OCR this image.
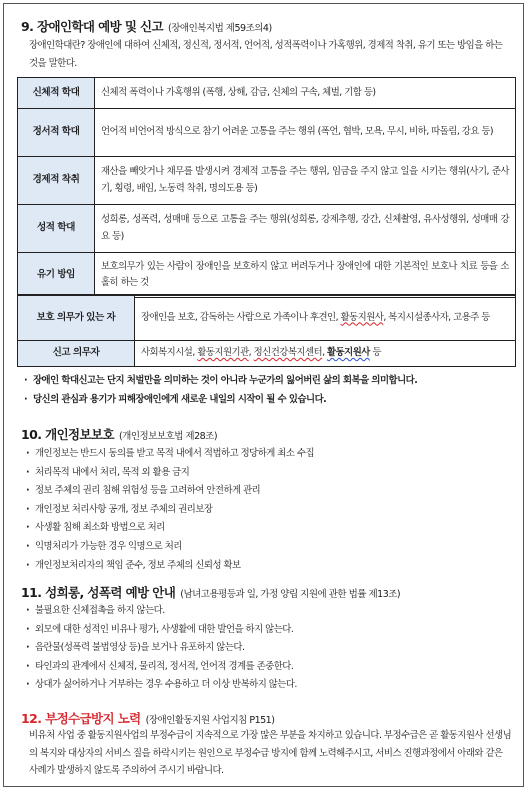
9. 장애인학대 예방 및 신고 (장애인복지법 제59조의4)
장애인학대란? 장애인에 대하여 신체적, 정신적, 정서적, 언어적, 성적폭력이나 가혹행위, 경제적 착취, 유기 또는 방임을 하는 것을 말한다.
신체적 학대	신체적 폭력이나 가혹행위 (폭행, 상해, 감금, 신체의 구속, 체벌, 기합 등)
정서적 학대	언어적 비언어적 방식으로 참기 어려운 고통을 주는 행위 (폭언, 협박, 모욕, 무시, 비하, 따돌림, 강요 등)
경제적 착취	재산을 빼앗거나 채무를 발생시켜 경제적 고통을 주는 행위, 임금을 주지 않고 일을 시키는 행위(사기, 준사기, 횡령, 배임, 노동력 착취, 명의도용 등)
성적 학대	성희롱, 성폭력, 성매매 등으로 고통을 주는 행위(성희롱, 강제추행, 강간, 신체촬영, 유사성행위, 성매매 강요 등)
유기 방임	보호의무가 있는 사람이 장애인을 보호하지 않고 버려두거나 장애인에 대한 기본적인 보호나 치료 등을 소홀히 하는 것
보호 의무가 있는 자	장애인을 보호, 감독하는 사람으로 가족이나 후견인, 활동지원사, 복지시설종사자, 고용주 등
신고 의무자	사회복지시설, 활동지원기관, 정신건강복지센터, 활동지원사 등
· 장애인 학대신고는 단지 처벌만을 의미하는 것이 아니라 누군가의 잃어버린 삶의 회복을 의미합니다.
· 당신의 관심과 용기가 피해장애인에게 새로운 내일의 시작이 될 수 있습니다.
10. 개인정보보호 (개인정보보호법 제28조)
· 개인정보는 반드시 동의를 받고 목적 내에서 적법하고 정당하게 최소 수집
· 처리목적 내에서 처리, 목적 외 활용 금지
· 정보 주체의 권리 침해 위험성 등을 고려하여 안전하게 관리
· 개인정보 처리사항 공개, 정보 주체의 권리보장
· 사생활 침해 최소화 방법으로 처리
· 익명처리가 가능한 경우 익명으로 처리
· 개인정보처리자의 책임 준수, 정보 주체의 신뢰성 확보
11. 성희롱, 성폭력 예방 안내 (남녀고용평등과 일, 가정 양립 지원에 관한 법률 제13조)
· 불필요한 신체접촉을 하지 않는다.
· 외모에 대한 성적인 비유나 평가, 사생활에 대한 발언을 하지 않는다.
· 음란물(성폭력 불법영상 등)을 보거나 유포하지 않는다.
· 타인과의 관계에서 신체적, 물리적, 정서적, 언어적 경계를 존중한다.
· 상대가 싫어하거나 거부하는 경우 수용하고 더 이상 반복하지 않는다.
12. 부정수급방지 노력 (장애인활동지원 사업지침 P151)
비유처 사업 중 활동지원사업의 부정수급이 지속적으로 가장 많은 부분을 차지하고 있습니다. 부정수급은 곧 활동지원사 선생님의 복지와 대상자의 서비스 질을 하락시키는 원인으로 부정수급 방지에 함께 노력해주시고, 서비스 진행과정에서 아래와 같은 사례가 발생하지 않도록 주의하여 주시기 바랍니다.
